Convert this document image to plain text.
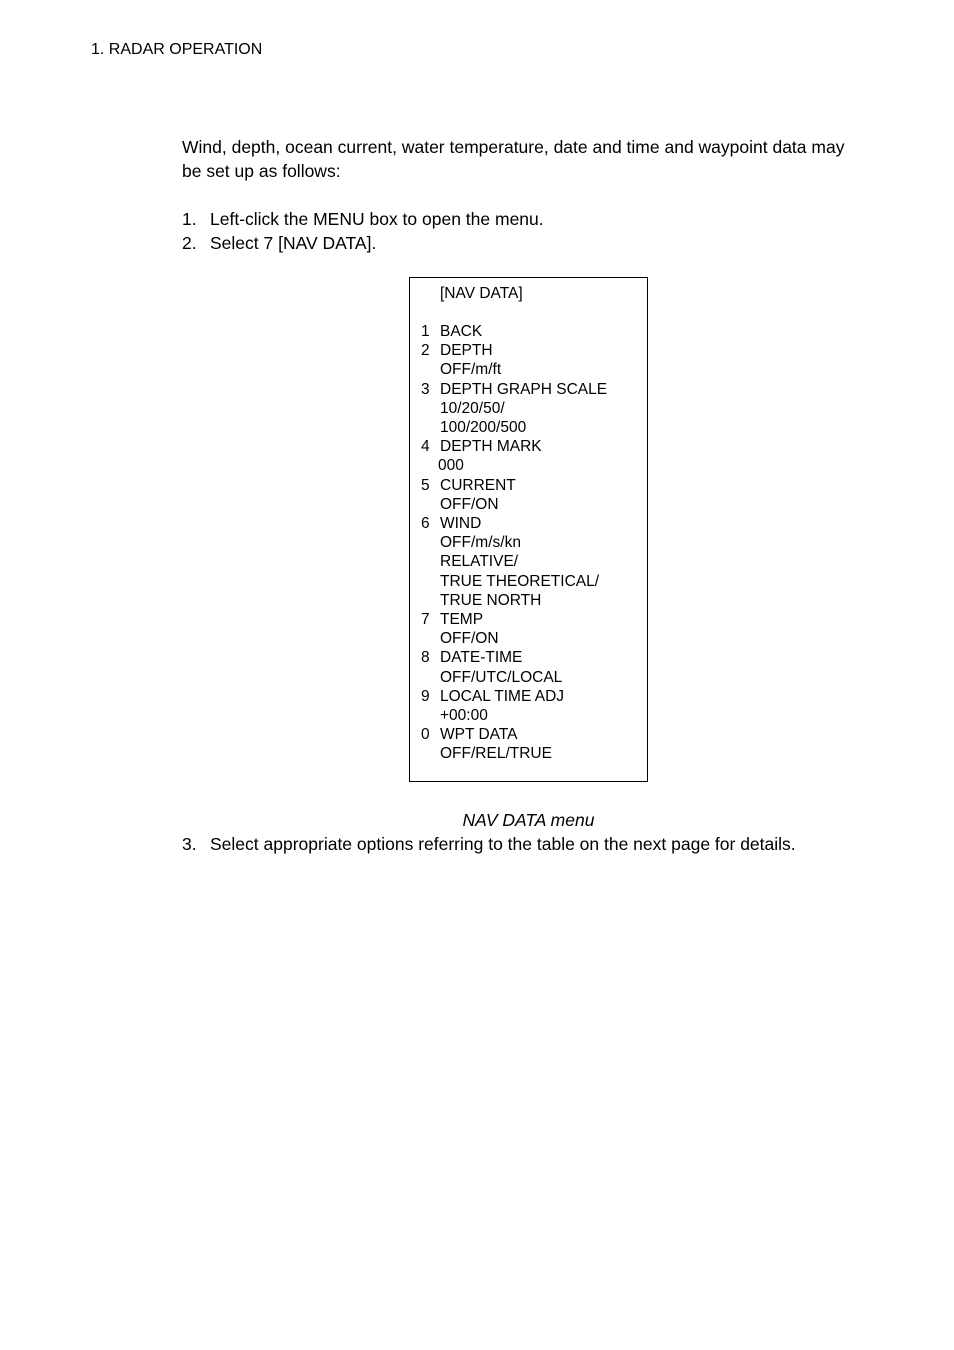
1. RADAR OPERATION
Wind, depth, ocean current, water temperature, date and time and waypoint data may be set up as follows:
1. Left-click the MENU box to open the menu.
2. Select 7 [NAV DATA].
[NAV DATA]
1 BACK
2 DEPTH
OFF/m/ft
3 DEPTH GRAPH SCALE
10/20/50/
100/200/500
4 DEPTH MARK
000
5 CURRENT
OFF/ON
6 WIND
OFF/m/s/kn
RELATIVE/
TRUE THEORETICAL/
TRUE NORTH
7 TEMP
OFF/ON
8 DATE-TIME
OFF/UTC/LOCAL
9 LOCAL TIME ADJ
+00:00
0 WPT DATA
OFF/REL/TRUE
NAV DATA menu
3. Select appropriate options referring to the table on the next page for details.
